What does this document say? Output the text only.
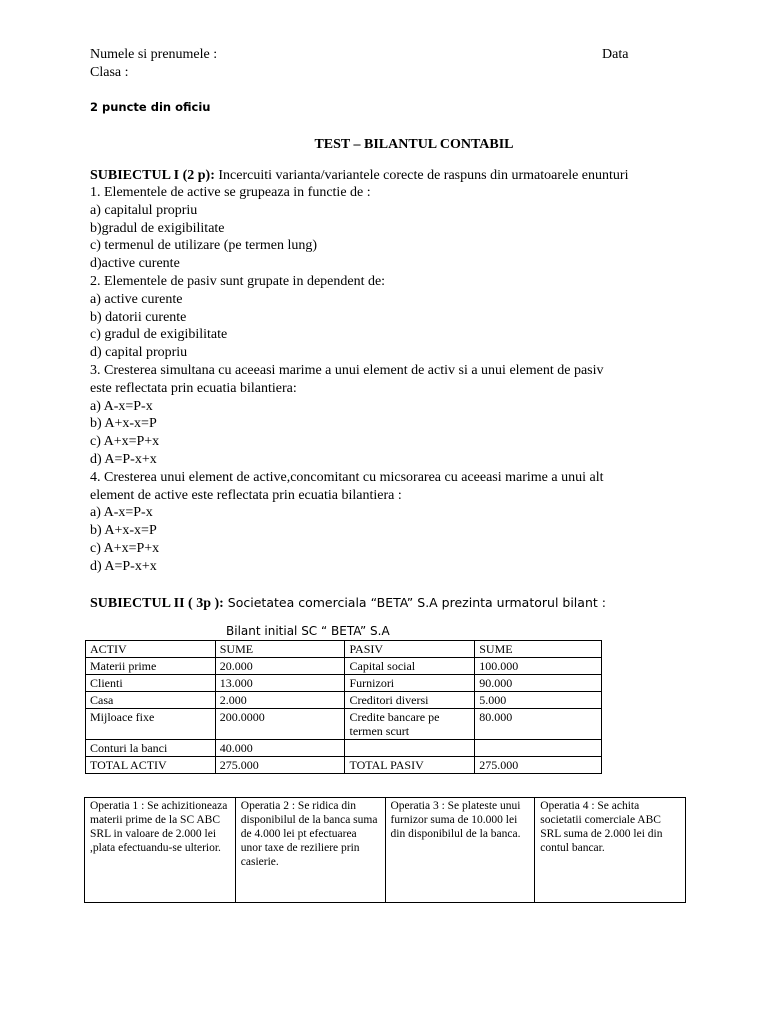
Numele si prenumele :	Data
Clasa :
2 puncte din oficiu
TEST – BILANTUL CONTABIL
SUBIECTUL I (2 p): Incercuiti varianta/variantele corecte de raspuns din urmatoarele enunturi
1. Elementele de active se grupeaza in functie de :
a) capitalul propriu
b)gradul de exigibilitate
c) termenul de utilizare (pe termen lung)
d)active curente
2. Elementele de pasiv sunt grupate in dependent de:
a) active curente
b) datorii curente
c) gradul de exigibilitate
d) capital propriu
3. Cresterea simultana cu aceeasi marime a unui element de activ si a unui element de pasiv
este reflectata prin ecuatia bilantiera:
a) A-x=P-x
b) A+x-x=P
c) A+x=P+x
d) A=P-x+x
4. Cresterea unui element de active,concomitant cu micsorarea cu aceeasi marime a unui alt
element de active este reflectata prin ecuatia bilantiera :
a) A-x=P-x
b) A+x-x=P
c) A+x=P+x
d) A=P-x+x
SUBIECTUL II ( 3p ): Societatea comerciala “BETA” S.A prezinta urmatorul bilant :
Bilant initial SC “ BETA” S.A
ACTIV	SUME	PASIV	SUME
Materii prime	20.000	Capital social	100.000
Clienti	13.000	Furnizori	90.000
Casa	2.000	Creditori diversi	5.000
Mijloace fixe	200.0000	Credite bancare pe termen scurt	80.000
Conturi la banci	40.000		
TOTAL ACTIV	275.000	TOTAL PASIV	275.000
Operatia 1 : Se achizitioneaza materii prime de la SC ABC SRL in valoare de 2.000 lei ,plata efectuandu-se ulterior.	Operatia 2 : Se ridica din disponibilul de la banca suma de 4.000 lei pt efectuarea unor taxe de reziliere prin casierie.	Operatia 3 : Se plateste unui furnizor suma de 10.000 lei din disponibilul de la banca.	Operatia 4 : Se achita societatii comerciale ABC SRL suma de 2.000 lei din contul bancar.
